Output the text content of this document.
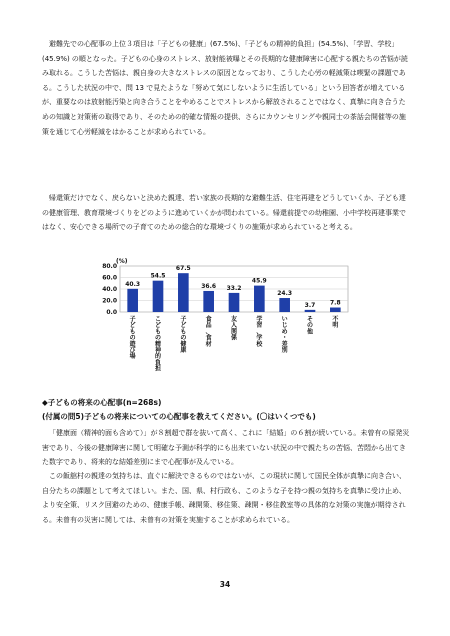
避難先での心配事の上位３項目は「子どもの健康」(67.5%)、「子どもの精神的負担」(54.5%)、「学習、学校」(45.9%) の順となった。子どもの心身のストレス、放射能被曝とその長期的な健康障害に心配する親たちの苦悩が読み取れる。こうした苦悩は、親自身の大きなストレスの原因となっており、こうした心労の軽減策は喫緊の課題である。こうした状況の中で、問 13 で見たような「努めて気にしないように生活している」という回答者が増えているが、重要なのは放射能汚染と向き合うことをやめることでストレスから解放されることではなく、真摯に向き合うための知識と対策術の取得であり、そのための的確な情報の提供、さらにカウンセリングや親同士の茶話会開催等の施策を通じて心労軽減をはかることが求められている。

帰還策だけでなく、戻らないと決めた親達、若い家族の長期的な避難生活、住宅再建をどうしていくか、子ども達の健康管理、教育環境づくりをどのように進めていくかが問われている。帰還前提での幼稚園、小中学校再建事業ではなく、安心できる場所での子育てのための総合的な環境づくりの施策が求められていると考える。

0.0
20.0
40.0
60.0
80.0
(%)
40.3
子どもの遊び場
54.5
こどもの精神的負担
67.5
子どもの健康
36.6
食品、食材
33.2
友人関係
45.9
学習、学校
24.3
いじめ・差別
3.7
その他
7.8
不明

◆子どもの将来の心配事(n=268s)

(付属の問5)子どもの将来についての心配事を教えてください。(〇はいくつでも)

「健康面（精神的面も含めて）」が８割超で群を抜いて高く、これに「結婚」の６割が続いている。未曾有の原発災害であり、今後の健康障害に関して明確な予測が科学的にも出来ていない状況の中で親たちの苦悩、苦悶から出てきた数字であり、将来的な結婚差別にまで心配事が及んでいる。

この飯舘村の親達の気持ちは、直ぐに解決できるものではないが、この現状に関して国民全体が真摯に向き合い、自分たちの課題として考えてほしい。また、国、県、村行政も、このような子を持つ親の気持ちを真摯に受け止め、より安全策、リスク回避のための、健康手帳、疎開策、移住策、疎開・移住教室等の具体的な対策の実施が期待される。未曾有の災害に関しては、未曾有の対策を実施することが求められている。

34
